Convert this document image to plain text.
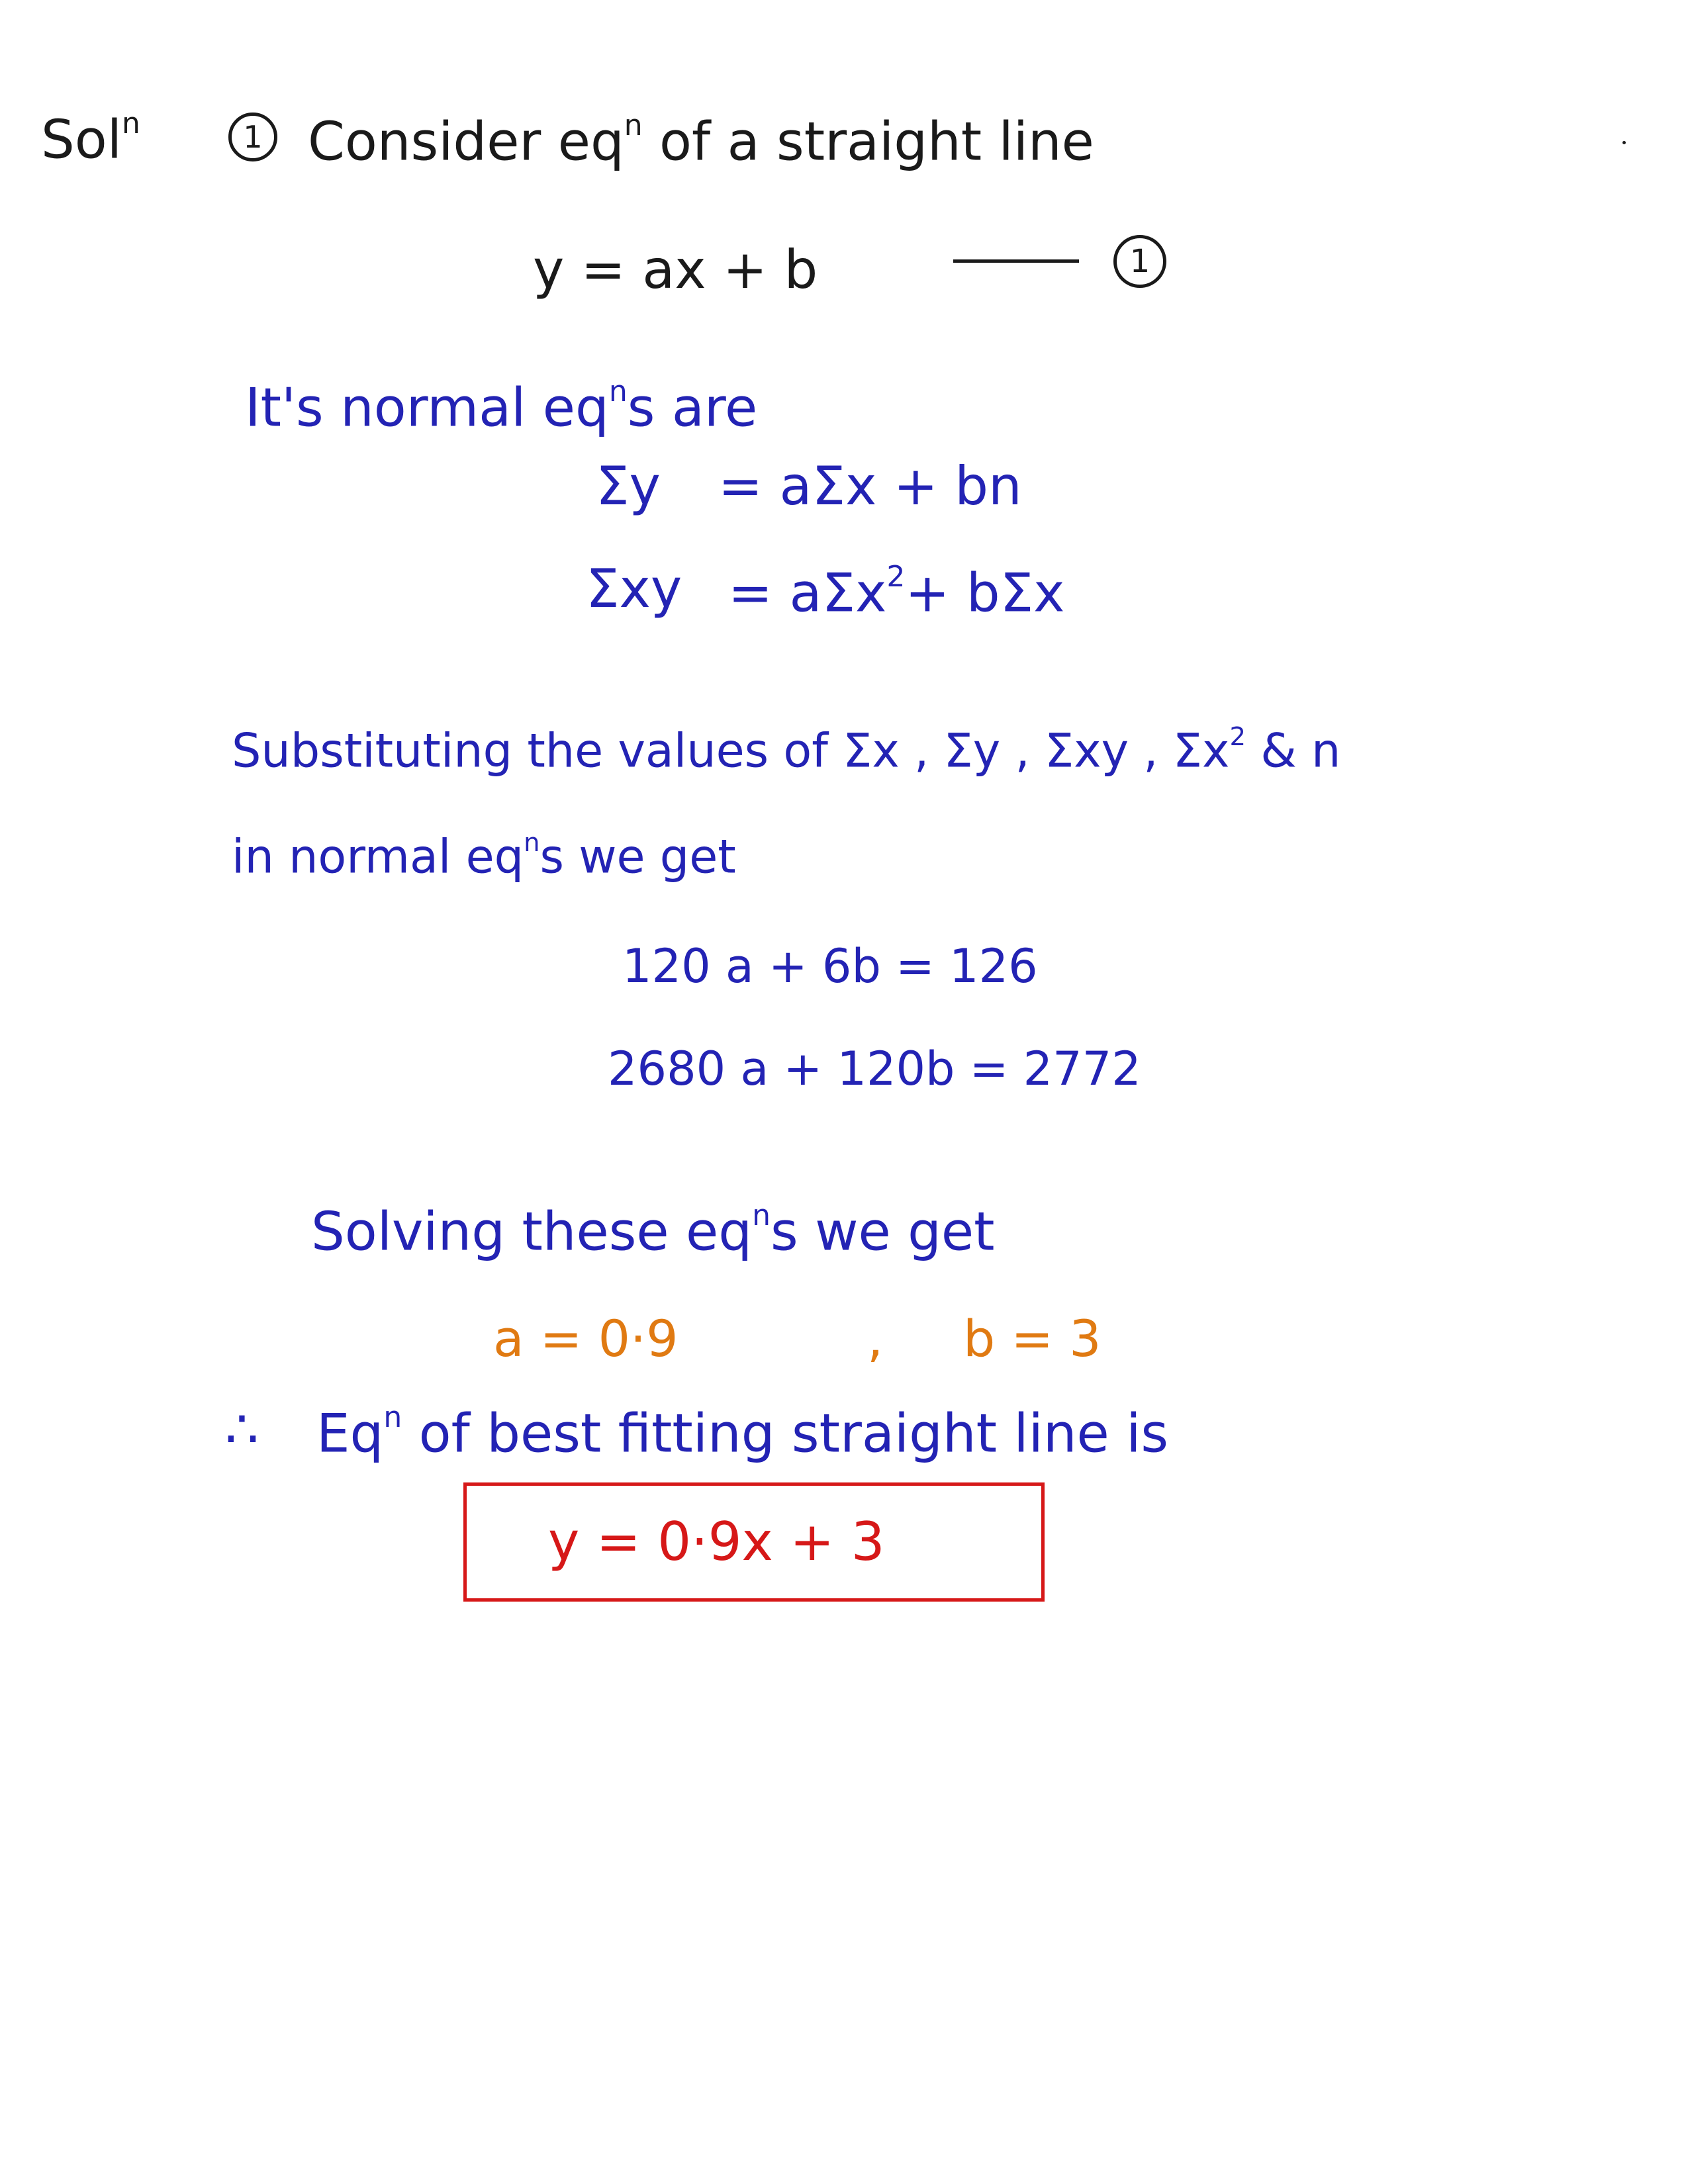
Sol$^n$	1 Consider $eq^n$ of a straight line
y = ax + b	1
It's normal $eq^ns$ are
Σy = aΣx + bn
Σxy = aΣx$^2$+ bΣx
Substituting the values of Σx , Σy , Σxy , $\Sigma x^2$ & n
in normal $eq^ns$ we get
120 a + 6b = 126
2680 a + 120b = 2772
Solving these $eq^ns$ we get
a = 0·9	, b = 3
∴ Eq$^n$ of best fitting straight line is
y = 0·9x + 3
